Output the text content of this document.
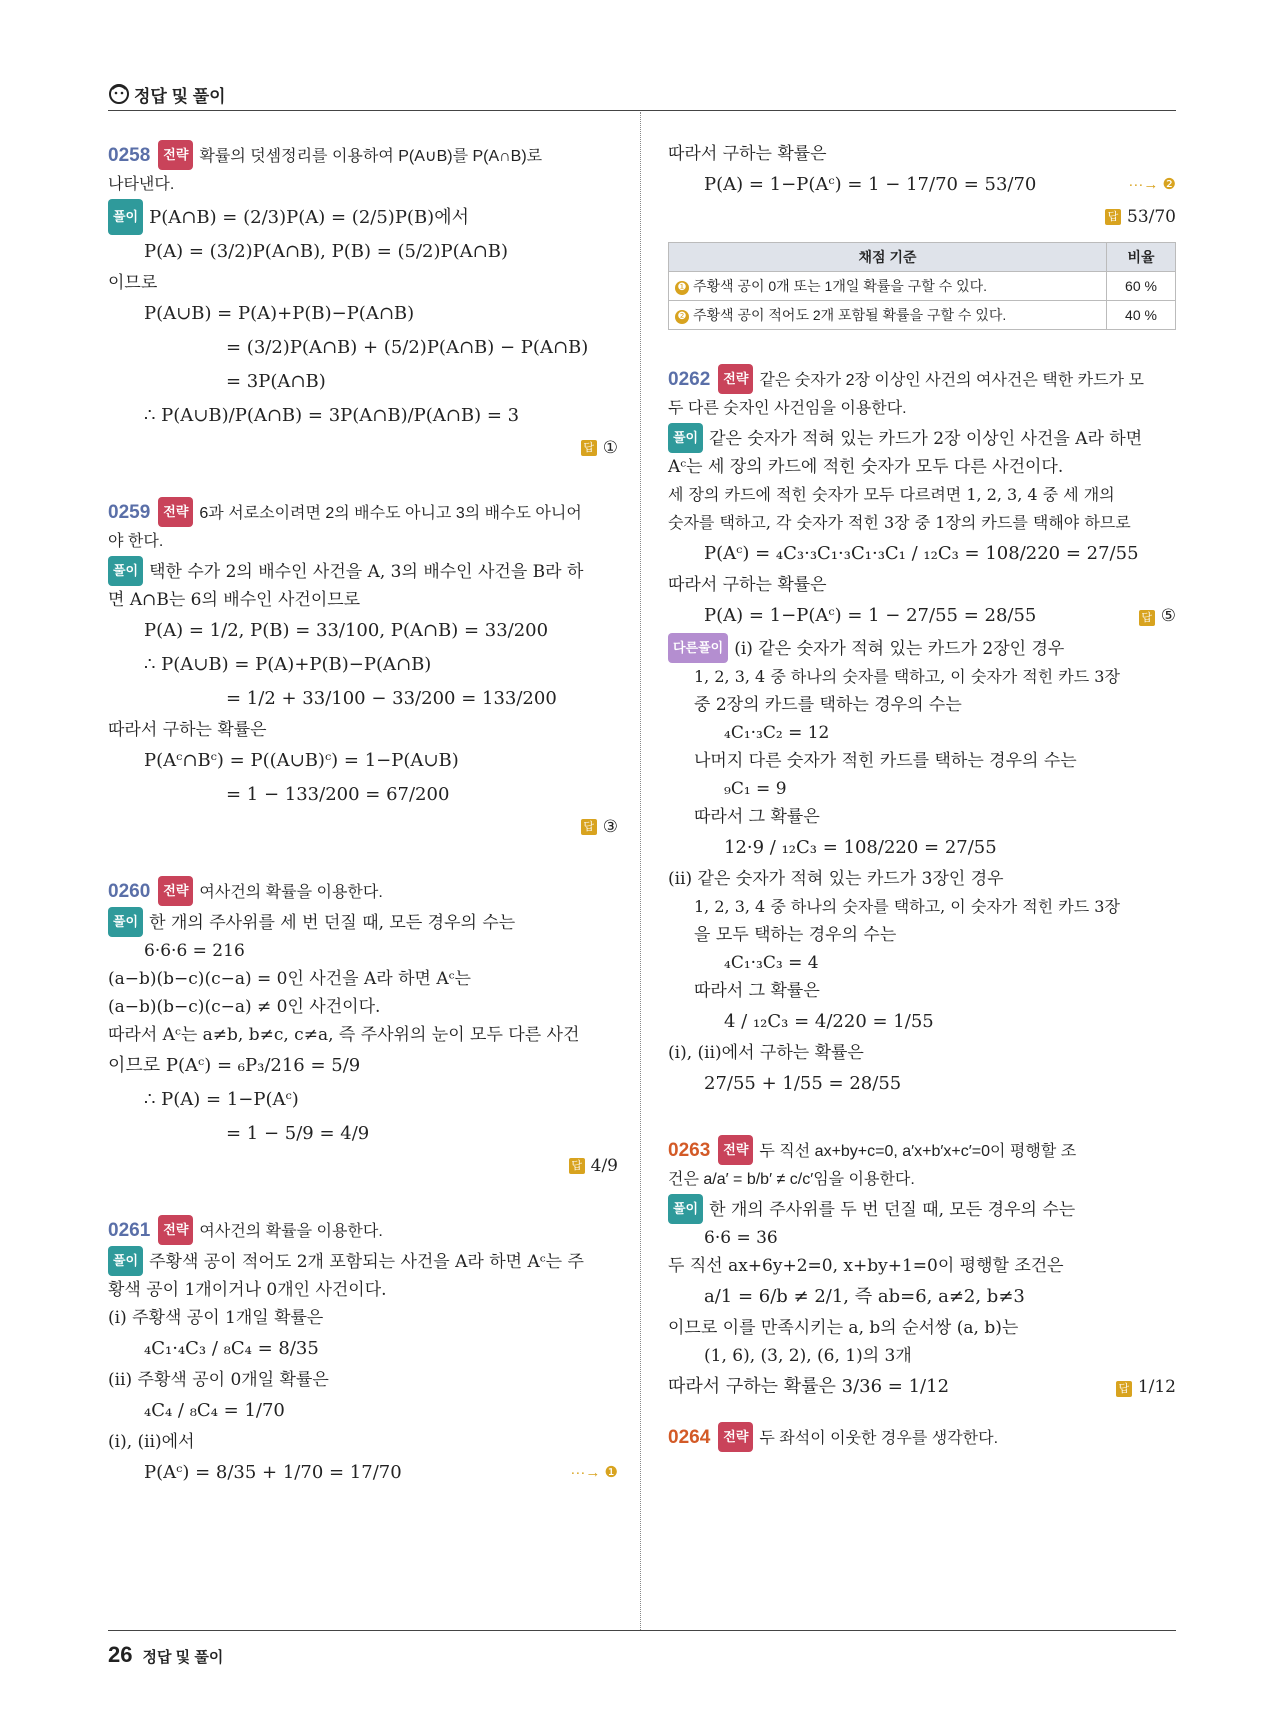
정답 및 풀이
0258 전략 확률의 덧셈정리를 이용하여 P(A∪B)를 P(A∩B)로
나타낸다.
풀이 P(A∩B) = (2/3)P(A) = (2/5)P(B)에서
P(A) = (3/2)P(A∩B), P(B) = (5/2)P(A∩B)
이므로
P(A∪B) = P(A)+P(B)−P(A∩B)
= (3/2)P(A∩B) + (5/2)P(A∩B) − P(A∩B)
= 3P(A∩B)
∴ P(A∪B)/P(A∩B) = 3P(A∩B)/P(A∩B) = 3
답 ①
0259 전략 6과 서로소이려면 2의 배수도 아니고 3의 배수도 아니어
야 한다.
풀이 택한 수가 2의 배수인 사건을 A, 3의 배수인 사건을 B라 하
면 A∩B는 6의 배수인 사건이므로
P(A) = 1/2, P(B) = 33/100, P(A∩B) = 33/200
∴ P(A∪B) = P(A)+P(B)−P(A∩B)
= 1/2 + 33/100 − 33/200 = 133/200
따라서 구하는 확률은
P(Aᶜ∩Bᶜ) = P((A∪B)ᶜ) = 1−P(A∪B)
= 1 − 133/200 = 67/200
답 ③
0260 전략 여사건의 확률을 이용한다.
풀이 한 개의 주사위를 세 번 던질 때, 모든 경우의 수는
6·6·6 = 216
(a−b)(b−c)(c−a) = 0인 사건을 A라 하면 Aᶜ는
(a−b)(b−c)(c−a) ≠ 0인 사건이다.
따라서 Aᶜ는 a≠b, b≠c, c≠a, 즉 주사위의 눈이 모두 다른 사건
이므로 P(Aᶜ) = ₆P₃/216 = 5/9
∴ P(A) = 1−P(Aᶜ)
= 1 − 5/9 = 4/9
답 4/9
0261 전략 여사건의 확률을 이용한다.
풀이 주황색 공이 적어도 2개 포함되는 사건을 A라 하면 Aᶜ는 주
황색 공이 1개이거나 0개인 사건이다.
(ⅰ) 주황색 공이 1개일 확률은
₄C₁·₄C₃ / ₈C₄ = 8/35
(ⅱ) 주황색 공이 0개일 확률은
₄C₄ / ₈C₄ = 1/70
(ⅰ), (ⅱ)에서
P(Aᶜ) = 8/35 + 1/70 = 17/70	···→ ❶
따라서 구하는 확률은
P(A) = 1−P(Aᶜ) = 1 − 17/70 = 53/70	···→ ❷
답 53/70
채점 기준	비율
❶ 주황색 공이 0개 또는 1개일 확률을 구할 수 있다.	60 %
❷ 주황색 공이 적어도 2개 포함될 확률을 구할 수 있다.	40 %
0262 전략 같은 숫자가 2장 이상인 사건의 여사건은 택한 카드가 모
두 다른 숫자인 사건임을 이용한다.
풀이 같은 숫자가 적혀 있는 카드가 2장 이상인 사건을 A라 하면
Aᶜ는 세 장의 카드에 적힌 숫자가 모두 다른 사건이다.
세 장의 카드에 적힌 숫자가 모두 다르려면 1, 2, 3, 4 중 세 개의
숫자를 택하고, 각 숫자가 적힌 3장 중 1장의 카드를 택해야 하므로
P(Aᶜ) = ₄C₃·₃C₁·₃C₁·₃C₁ / ₁₂C₃ = 108/220 = 27/55
따라서 구하는 확률은
P(A) = 1−P(Aᶜ) = 1 − 27/55 = 28/55	답 ⑤
다른풀이 (ⅰ) 같은 숫자가 적혀 있는 카드가 2장인 경우
1, 2, 3, 4 중 하나의 숫자를 택하고, 이 숫자가 적힌 카드 3장
중 2장의 카드를 택하는 경우의 수는
₄C₁·₃C₂ = 12
나머지 다른 숫자가 적힌 카드를 택하는 경우의 수는
₉C₁ = 9
따라서 그 확률은
12·9 / ₁₂C₃ = 108/220 = 27/55
(ⅱ) 같은 숫자가 적혀 있는 카드가 3장인 경우
1, 2, 3, 4 중 하나의 숫자를 택하고, 이 숫자가 적힌 카드 3장
을 모두 택하는 경우의 수는
₄C₁·₃C₃ = 4
따라서 그 확률은
4 / ₁₂C₃ = 4/220 = 1/55
(ⅰ), (ⅱ)에서 구하는 확률은
27/55 + 1/55 = 28/55
0263 전략 두 직선 ax+by+c=0, a′x+b′x+c′=0이 평행할 조
건은 a/a′ = b/b′ ≠ c/c′임을 이용한다.
풀이 한 개의 주사위를 두 번 던질 때, 모든 경우의 수는
6·6 = 36
두 직선 ax+6y+2=0, x+by+1=0이 평행할 조건은
a/1 = 6/b ≠ 2/1, 즉 ab=6, a≠2, b≠3
이므로 이를 만족시키는 a, b의 순서쌍 (a, b)는
(1, 6), (3, 2), (6, 1)의 3개
따라서 구하는 확률은 3/36 = 1/12	답 1/12
0264 전략 두 좌석이 이웃한 경우를 생각한다.
26 정답 및 풀이
